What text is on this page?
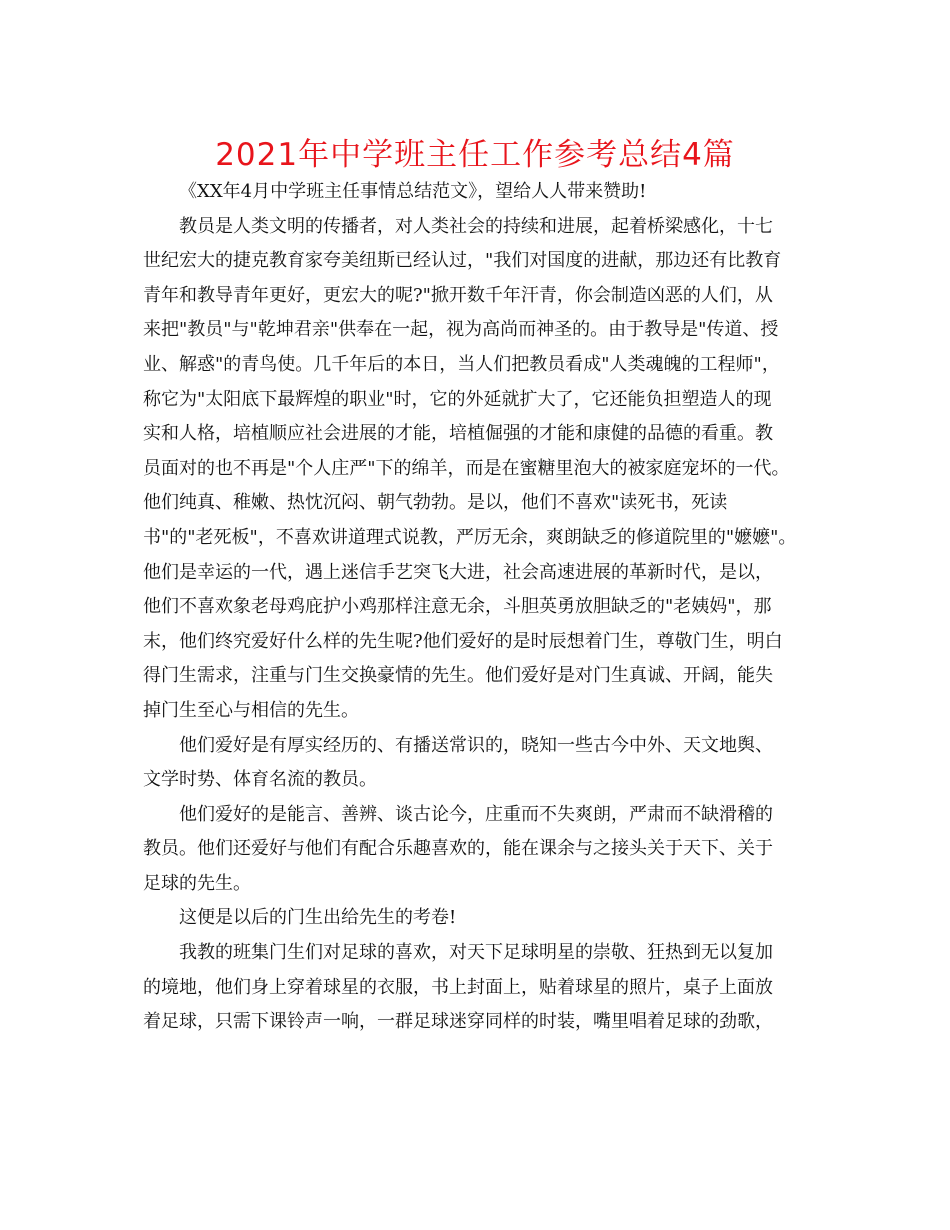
2021年中学班主任工作参考总结4篇

《XX年4月中学班主任事情总结范文》，望给人人带来赞助!

教员是人类文明的传播者，对人类社会的持续和进展，起着桥梁感化，十七
世纪宏大的捷克教育家夸美纽斯已经认过，"我们对国度的进献，那边还有比教育
青年和教导青年更好，更宏大的呢?"掀开数千年汗青，你会制造凶恶的人们，从
来把"教员"与"乾坤君亲"供奉在一起，视为高尚而神圣的。由于教导是"传道、授
业、解惑"的青鸟使。几千年后的本日，当人们把教员看成"人类魂魄的工程师"，
称它为"太阳底下最辉煌的职业"时，它的外延就扩大了，它还能负担塑造人的现
实和人格，培植顺应社会进展的才能，培植倔强的才能和康健的品德的看重。教
员面对的也不再是"个人庄严"下的绵羊，而是在蜜糖里泡大的被家庭宠坏的一代。
他们纯真、稚嫩、热忱沉闷、朝气勃勃。是以，他们不喜欢"读死书，死读
书"的"老死板"，不喜欢讲道理式说教，严厉无余，爽朗缺乏的修道院里的"嬷嬷"。
他们是幸运的一代，遇上迷信手艺突飞大进，社会高速进展的革新时代，是以，
他们不喜欢象老母鸡庇护小鸡那样注意无余，斗胆英勇放胆缺乏的"老姨妈"，那
末，他们终究爱好什么样的先生呢?他们爱好的是时辰想着门生，尊敬门生，明白
得门生需求，注重与门生交换豪情的先生。他们爱好是对门生真诚、开阔，能失
掉门生至心与相信的先生。

他们爱好是有厚实经历的、有播送常识的，晓知一些古今中外、天文地舆、
文学时势、体育名流的教员。

他们爱好的是能言、善辨、谈古论今，庄重而不失爽朗，严肃而不缺滑稽的
教员。他们还爱好与他们有配合乐趣喜欢的，能在课余与之接头关于天下、关于
足球的先生。

这便是以后的门生出给先生的考卷!

我教的班集门生们对足球的喜欢，对天下足球明星的崇敬、狂热到无以复加
的境地，他们身上穿着球星的衣服，书上封面上，贴着球星的照片，桌子上面放
着足球，只需下课铃声一响，一群足球迷穿同样的时装，嘴里唱着足球的劲歌，
